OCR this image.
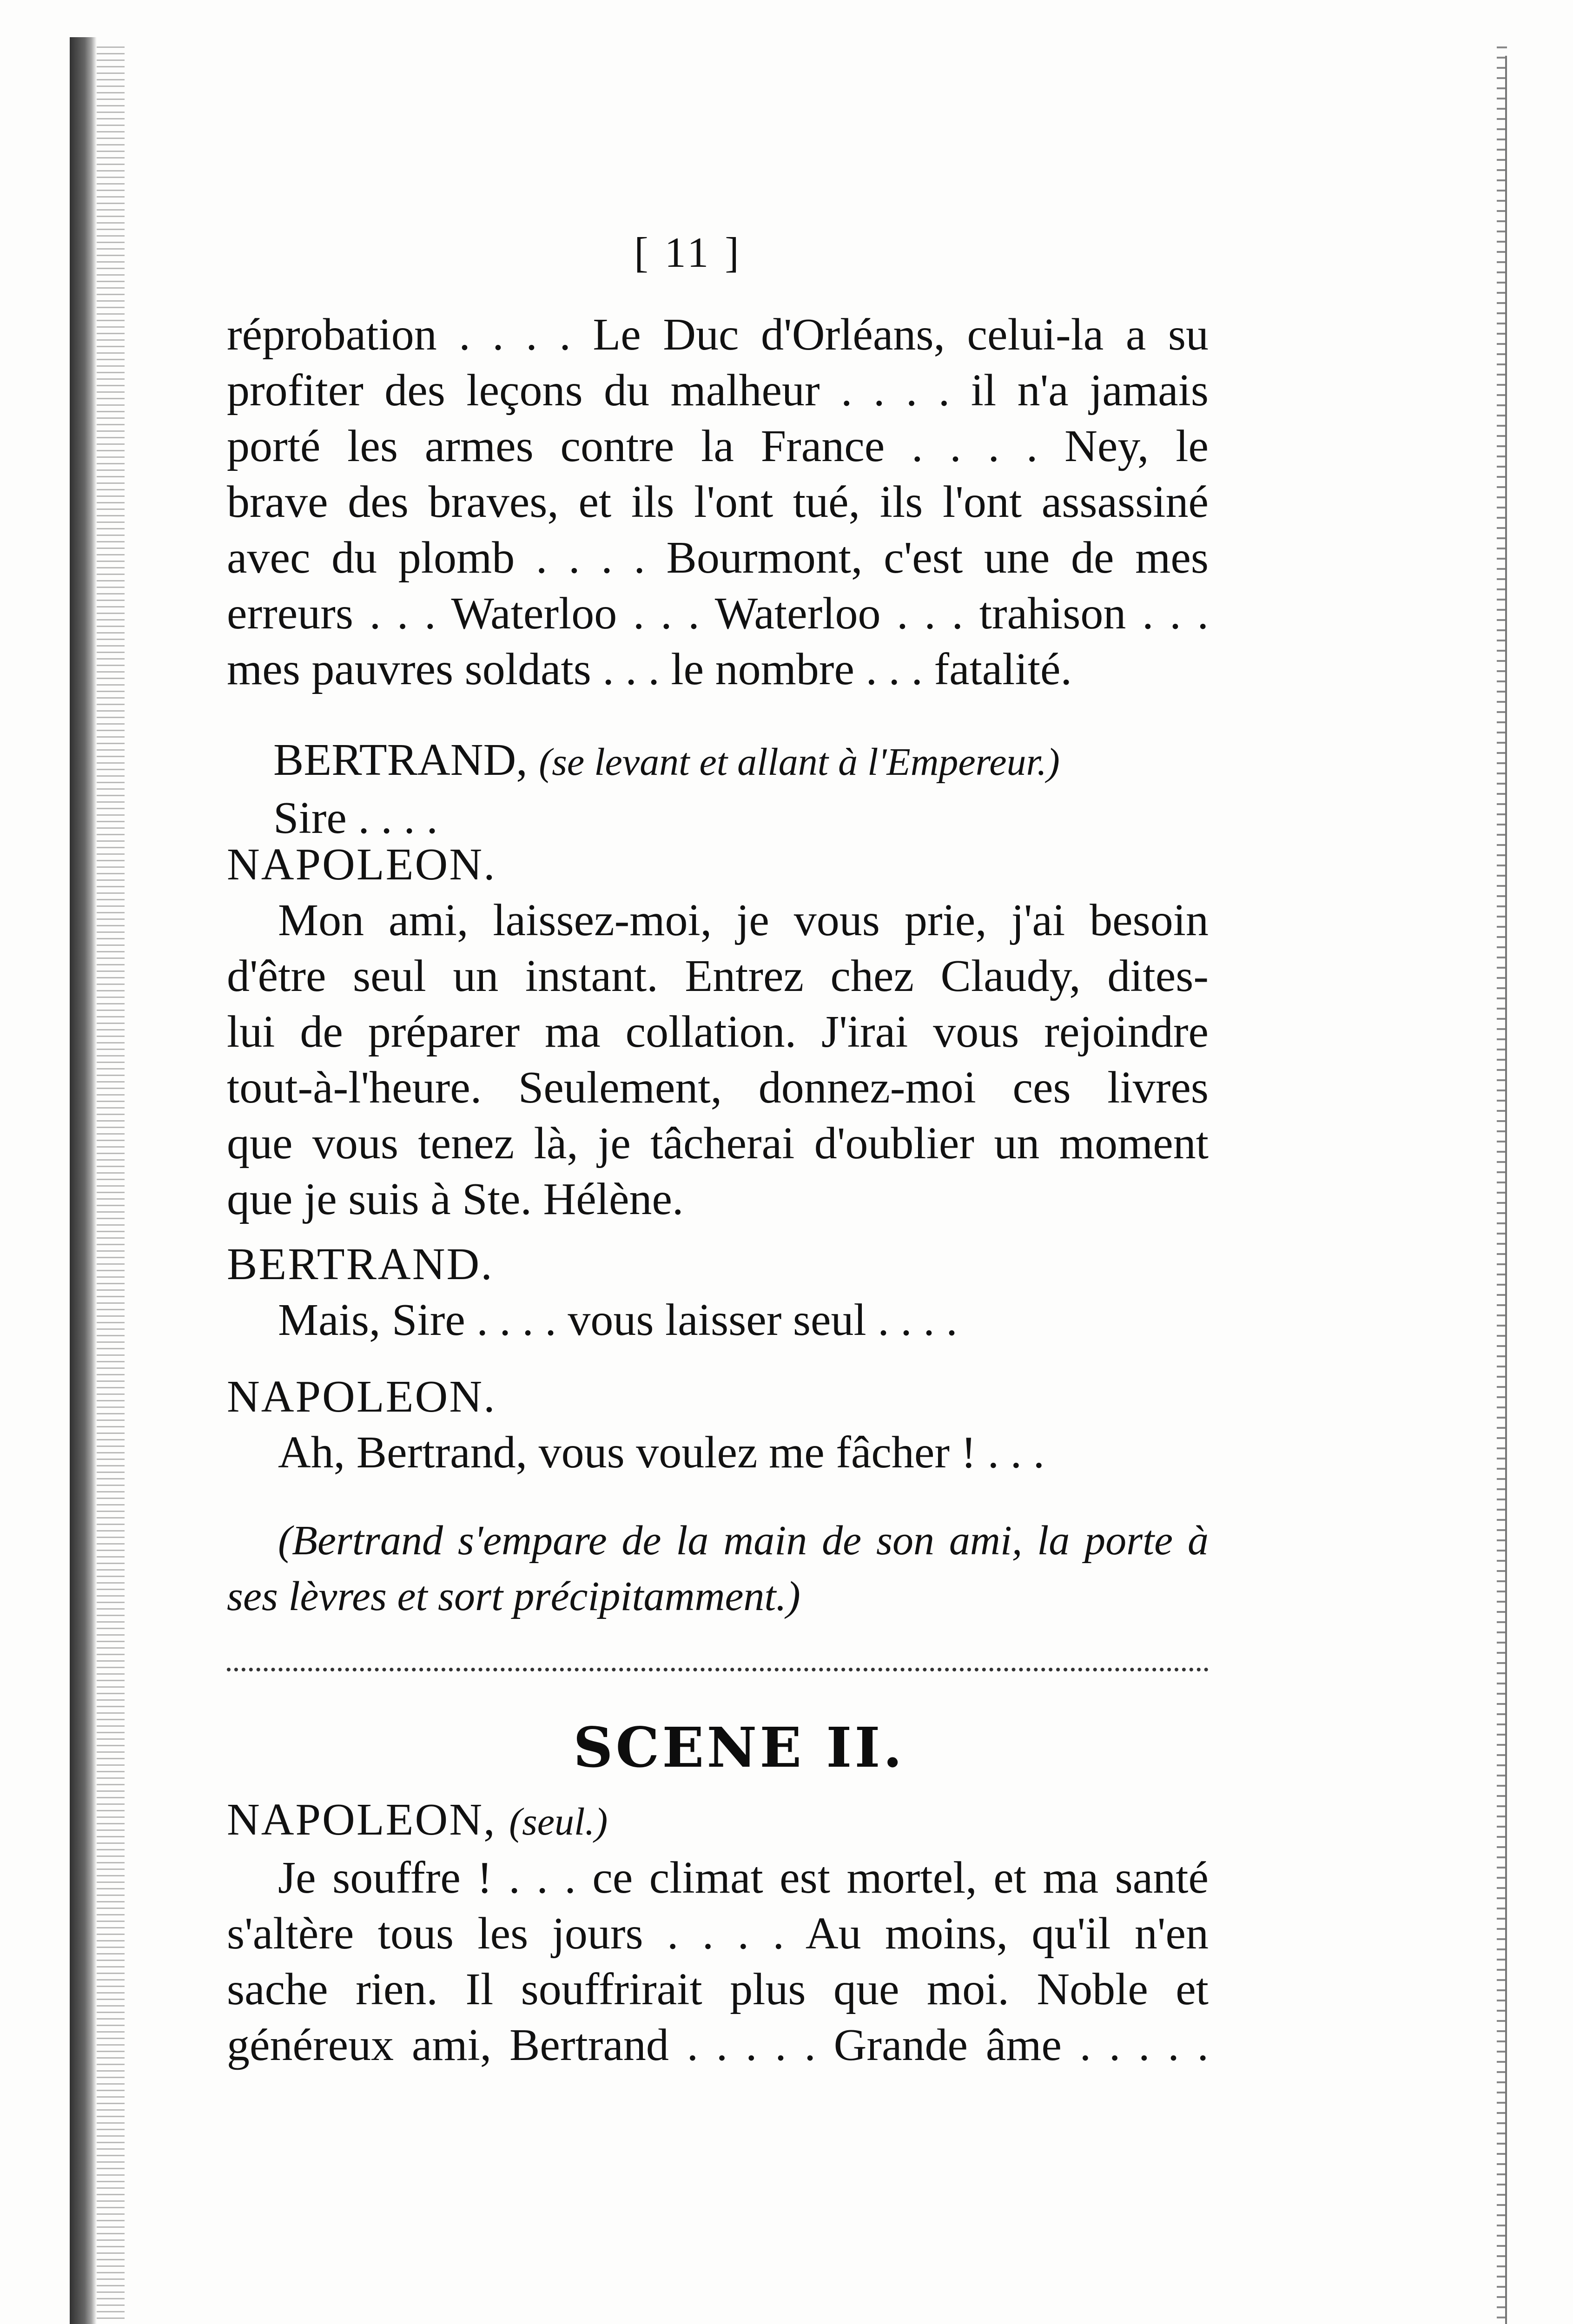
[ 11 ]

réprobation . . . . Le Duc d'Orléans, celui-la a su

profiter des leçons du malheur . . . . il n'a jamais

porté les armes contre la France . . . . Ney, le

brave des braves, et ils l'ont tué, ils l'ont assassiné

avec du plomb . . . . Bourmont, c'est une de mes

erreurs . . . Waterloo . . . Waterloo . . . trahison . . .

mes pauvres soldats . . . le nombre . . . fatalité.

BERTRAND, (se levant et allant à l'Empereur.)

Sire . . . .

NAPOLEON.

Mon ami, laissez-moi, je vous prie, j'ai besoin

d'être seul un instant. Entrez chez Claudy, dites-

lui de préparer ma collation. J'irai vous rejoindre

tout-à-l'heure. Seulement, donnez-moi ces livres

que vous tenez là, je tâcherai d'oublier un moment

que je suis à Ste. Hélène.

BERTRAND.

Mais, Sire . . . . vous laisser seul . . . .

NAPOLEON.

Ah, Bertrand, vous voulez me fâcher ! . . .

(Bertrand s'empare de la main de son ami, la porte à

ses lèvres et sort précipitamment.)

SCENE II.

NAPOLEON, (seul.)

Je souffre ! . . . ce climat est mortel, et ma santé

s'altère tous les jours . . . . Au moins, qu'il n'en

sache rien. Il souffrirait plus que moi. Noble et

généreux ami, Bertrand . . . . . Grande âme . . . . .
